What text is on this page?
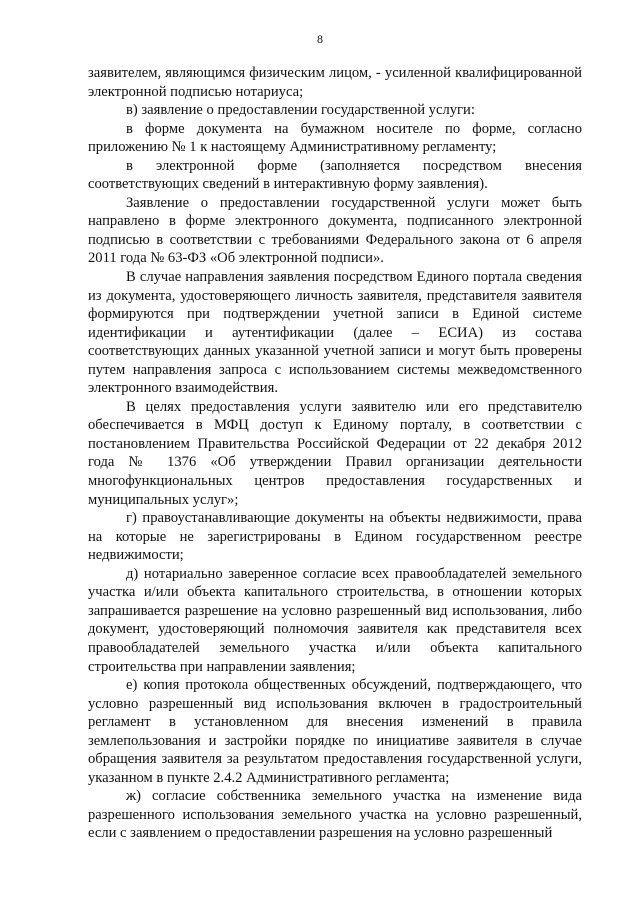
8

заявителем, являющимся физическим лицом, - усиленной квалифицированной электронной подписью нотариуса;

в) заявление о предоставлении государственной услуги:

в форме документа на бумажном носителе по форме, согласно приложению № 1 к настоящему Административному регламенту;

в электронной форме (заполняется посредством внесения соответствующих сведений в интерактивную форму заявления).

Заявление о предоставлении государственной услуги может быть направлено в форме электронного документа, подписанного электронной подписью в соответствии с требованиями Федерального закона от 6 апреля 2011 года № 63-ФЗ «Об электронной подписи».

В случае направления заявления посредством Единого портала сведения из документа, удостоверяющего личность заявителя, представителя заявителя формируются при подтверждении учетной записи в Единой системе идентификации и аутентификации (далее – ЕСИА) из состава соответствующих данных указанной учетной записи и могут быть проверены путем направления запроса с использованием системы межведомственного электронного взаимодействия.

В целях предоставления услуги заявителю или его представителю обеспечивается в МФЦ доступ к Единому порталу, в соответствии с постановлением Правительства Российской Федерации от 22 декабря 2012 года № 1376 «Об утверждении Правил организации деятельности многофункциональных центров предоставления государственных и муниципальных услуг»;

г) правоустанавливающие документы на объекты недвижимости, права на которые не зарегистрированы в Едином государственном реестре недвижимости;

д) нотариально заверенное согласие всех правообладателей земельного участка и/или объекта капитального строительства, в отношении которых запрашивается разрешение на условно разрешенный вид использования, либо документ, удостоверяющий полномочия заявителя как представителя всех правообладателей земельного участка и/или объекта капитального строительства при направлении заявления;

е) копия протокола общественных обсуждений, подтверждающего, что условно разрешенный вид использования включен в градостроительный регламент в установленном для внесения изменений в правила землепользования и застройки порядке по инициативе заявителя в случае обращения заявителя за результатом предоставления государственной услуги, указанном в пункте 2.4.2 Административного регламента;

ж) согласие собственника земельного участка на изменение вида разрешенного использования земельного участка на условно разрешенный, если с заявлением о предоставлении разрешения на условно разрешенный
